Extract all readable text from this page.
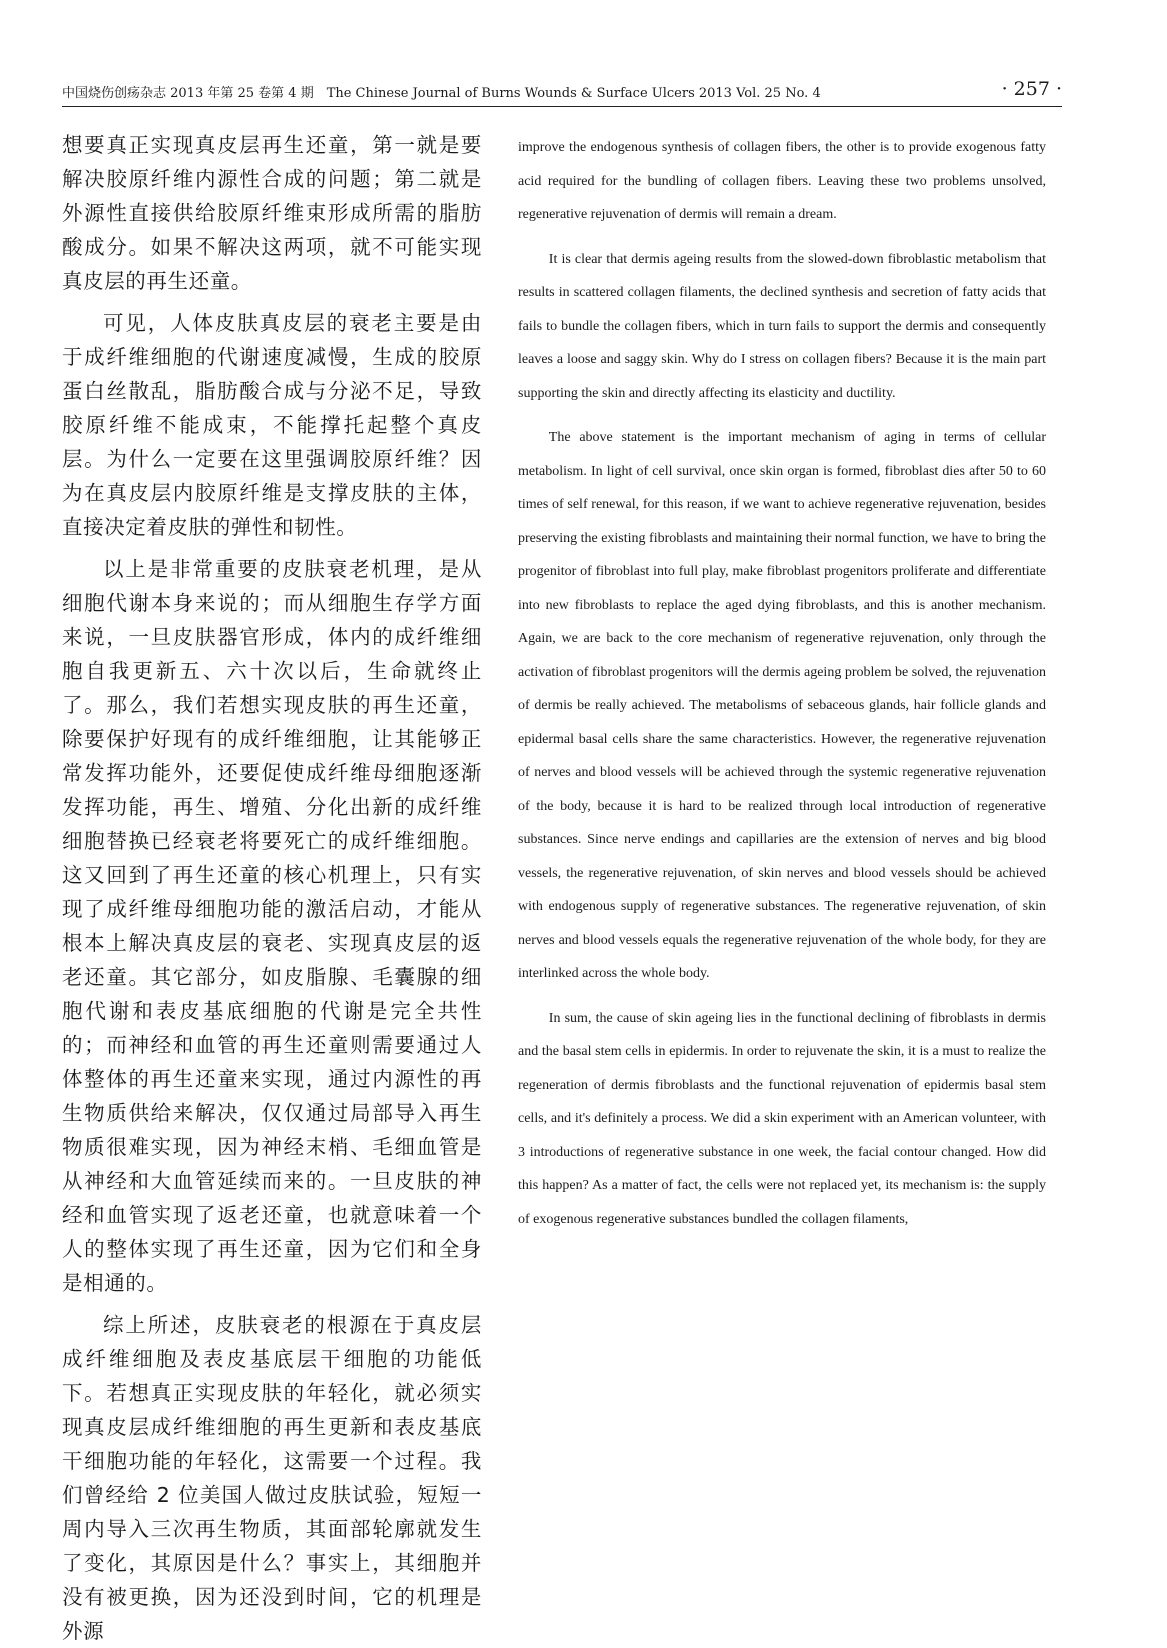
中国烧伤创疡杂志 2013 年第 25 卷第 4 期　The Chinese Journal of Burns Wounds & Surface Ulcers 2013 Vol. 25 No. 4	· 257 ·

想要真正实现真皮层再生还童，第一就是要解决胶原纤维内源性合成的问题；第二就是外源性直接供给胶原纤维束形成所需的脂肪酸成分。如果不解决这两项，就不可能实现真皮层的再生还童。

可见，人体皮肤真皮层的衰老主要是由于成纤维细胞的代谢速度减慢，生成的胶原蛋白丝散乱，脂肪酸合成与分泌不足，导致胶原纤维不能成束，不能撑托起整个真皮层。为什么一定要在这里强调胶原纤维？因为在真皮层内胶原纤维是支撑皮肤的主体，直接决定着皮肤的弹性和韧性。

以上是非常重要的皮肤衰老机理，是从细胞代谢本身来说的；而从细胞生存学方面来说，一旦皮肤器官形成，体内的成纤维细胞自我更新五、六十次以后，生命就终止了。那么，我们若想实现皮肤的再生还童，除要保护好现有的成纤维细胞，让其能够正常发挥功能外，还要促使成纤维母细胞逐渐发挥功能，再生、增殖、分化出新的成纤维细胞替换已经衰老将要死亡的成纤维细胞。这又回到了再生还童的核心机理上，只有实现了成纤维母细胞功能的激活启动，才能从根本上解决真皮层的衰老、实现真皮层的返老还童。其它部分，如皮脂腺、毛囊腺的细胞代谢和表皮基底细胞的代谢是完全共性的；而神经和血管的再生还童则需要通过人体整体的再生还童来实现，通过内源性的再生物质供给来解决，仅仅通过局部导入再生物质很难实现，因为神经末梢、毛细血管是从神经和大血管延续而来的。一旦皮肤的神经和血管实现了返老还童，也就意味着一个人的整体实现了再生还童，因为它们和全身是相通的。

综上所述，皮肤衰老的根源在于真皮层成纤维细胞及表皮基底层干细胞的功能低下。若想真正实现皮肤的年轻化，就必须实现真皮层成纤维细胞的再生更新和表皮基底干细胞功能的年轻化，这需要一个过程。我们曾经给 2 位美国人做过皮肤试验，短短一周内导入三次再生物质，其面部轮廓就发生了变化，其原因是什么？事实上，其细胞并没有被更换，因为还没到时间，它的机理是外源

improve the endogenous synthesis of collagen fibers, the other is to provide exogenous fatty acid required for the bundling of collagen fibers. Leaving these two problems unsolved, regenerative rejuvenation of dermis will remain a dream.

It is clear that dermis ageing results from the slowed-down fibroblastic metabolism that results in scattered collagen filaments, the declined synthesis and secretion of fatty acids that fails to bundle the collagen fibers, which in turn fails to support the dermis and consequently leaves a loose and saggy skin. Why do I stress on collagen fibers? Because it is the main part supporting the skin and directly affecting its elasticity and ductility.

The above statement is the important mechanism of aging in terms of cellular metabolism. In light of cell survival, once skin organ is formed, fibroblast dies after 50 to 60 times of self renewal, for this reason, if we want to achieve regenerative rejuvenation, besides preserving the existing fibroblasts and maintaining their normal function, we have to bring the progenitor of fibroblast into full play, make fibroblast progenitors proliferate and differentiate into new fibroblasts to replace the aged dying fibroblasts, and this is another mechanism. Again, we are back to the core mechanism of regenerative rejuvenation, only through the activation of fibroblast progenitors will the dermis ageing problem be solved, the rejuvenation of dermis be really achieved. The metabolisms of sebaceous glands, hair follicle glands and epidermal basal cells share the same characteristics. However, the regenerative rejuvenation of nerves and blood vessels will be achieved through the systemic regenerative rejuvenation of the body, because it is hard to be realized through local introduction of regenerative substances. Since nerve endings and capillaries are the extension of nerves and big blood vessels, the regenerative rejuvenation, of skin nerves and blood vessels should be achieved with endogenous supply of regenerative substances. The regenerative rejuvenation, of skin nerves and blood vessels equals the regenerative rejuvenation of the whole body, for they are interlinked across the whole body.

In sum, the cause of skin ageing lies in the functional declining of fibroblasts in dermis and the basal stem cells in epidermis. In order to rejuvenate the skin, it is a must to realize the regeneration of dermis fibroblasts and the functional rejuvenation of epidermis basal stem cells, and it's definitely a process. We did a skin experiment with an American volunteer, with 3 introductions of regenerative substance in one week, the facial contour changed. How did this happen? As a matter of fact, the cells were not replaced yet, its mechanism is: the supply of exogenous regenerative substances bundled the collagen filaments,
